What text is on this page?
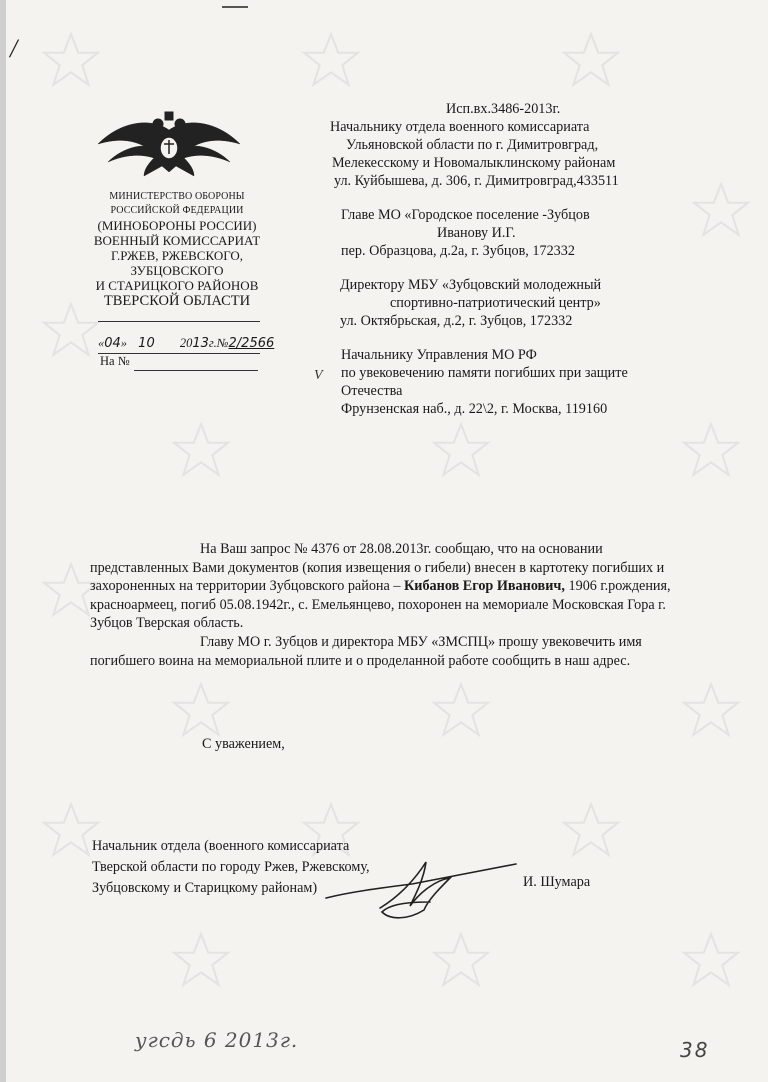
/
МИНИСТЕРСТВО ОБОРОНЫ
РОССИЙСКОЙ ФЕДЕРАЦИИ
(МИНОБОРОНЫ РОССИИ)
ВОЕННЫЙ КОМИССАРИАТ
Г.РЖЕВ, РЖЕВСКОГО,
ЗУБЦОВСКОГО
И СТАРИЦКОГО РАЙОНОВ
ТВЕРСКОЙ ОБЛАСТИ
«04» 10 2013г.№2/2566
На №
Исп.вх.3486-2013г.
Начальнику отдела военного комиссариата
Ульяновской области по г. Димитровград,
Мелекесскому и Новомалыклинскому районам
ул. Куйбышева, д. 306, г. Димитровград,433511
Главе МО «Городское поселение -Зубцов
Иванову И.Г.
пер. Образцова, д.2а, г. Зубцов, 172332
Директору МБУ «Зубцовский молодежный
спортивно-патриотический центр»
ул. Октябрьская, д.2, г. Зубцов, 172332
V
Начальнику Управления МО РФ
по увековечению памяти погибших при защите
Отечества
Фрунзенская наб., д. 22\2, г. Москва, 119160

На Ваш запрос № 4376 от 28.08.2013г. сообщаю, что на основании представленных Вами документов (копия извещения о гибели) внесен в картотеку погибших и захороненных на территории Зубцовского района – Кибанов Егор Иванович, 1906 г.рождения, красноармеец, погиб 05.08.1942г., с. Емельянцево, похоронен на мемориале Московская Гора г. Зубцов Тверская область.

Главу МО г. Зубцов и директора МБУ «ЗМСПЦ» прошу увековечить имя погибшего воина на мемориальной плите и о проделанной работе сообщить в наш адрес.

С уважением,
Начальник отдела (военного комиссариата
Тверской области по городу Ржев, Ржевскому,
Зубцовскому и Старицкому районам)	И. Шумара
угсдь 6 2013г.	38
